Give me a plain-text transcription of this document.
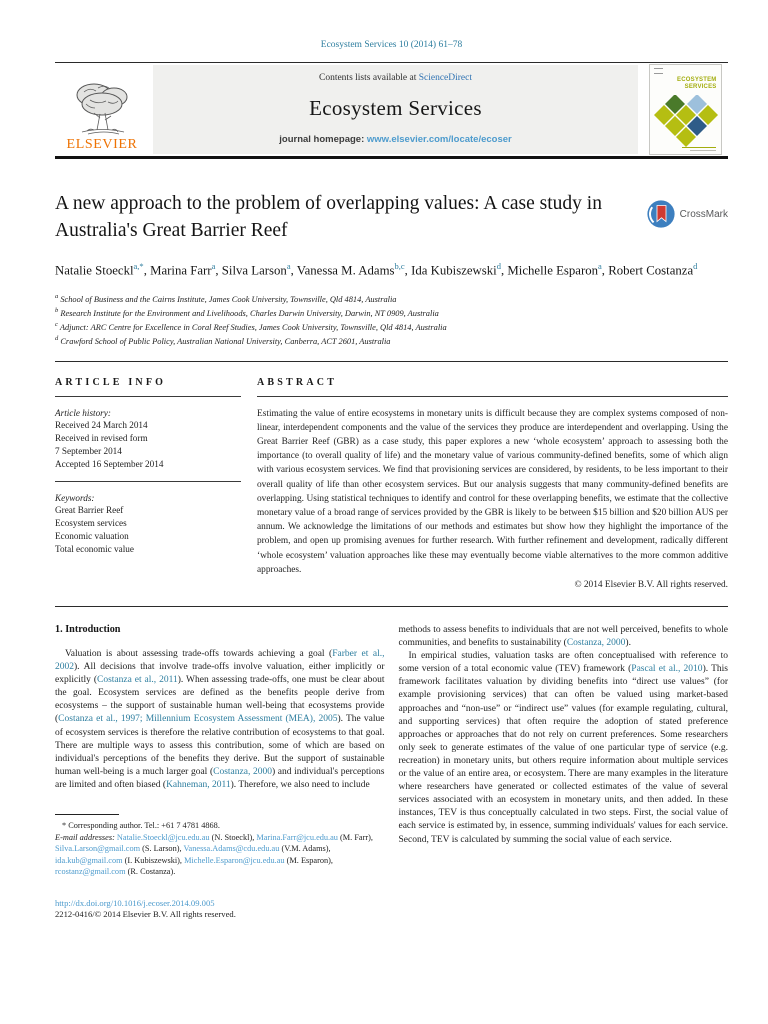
Ecosystem Services 10 (2014) 61–78
ELSEVIER
Contents lists available at ScienceDirect
Ecosystem Services
journal homepage: www.elsevier.com/locate/ecoser
ECOSYSTEM
SERVICES
A new approach to the problem of overlapping values: A case study in Australia's Great Barrier Reef
CrossMark
Natalie Stoeckl$^{a,*}$, Marina Farr$^a$, Silva Larson$^a$, Vanessa M. Adams$^{b,c}$, Ida Kubiszewski$^d$, Michelle Esparon$^a$, Robert Costanza$^d$
$^a$ School of Business and the Cairns Institute, James Cook University, Townsville, Qld 4814, Australia
$^b$ Research Institute for the Environment and Livelihoods, Charles Darwin University, Darwin, NT 0909, Australia
$^c$ Adjunct: ARC Centre for Excellence in Coral Reef Studies, James Cook University, Townsville, Qld 4814, Australia
$^d$ Crawford School of Public Policy, Australian National University, Canberra, ACT 2601, Australia
ARTICLE INFO
Article history:
Received 24 March 2014
Received in revised form
7 September 2014
Accepted 16 September 2014
Keywords:
Great Barrier Reef
Ecosystem services
Economic valuation
Total economic value
ABSTRACT
Estimating the value of entire ecosystems in monetary units is difficult because they are complex systems composed of non-linear, interdependent components and the value of the services they produce are interdependent and overlapping. Using the Great Barrier Reef (GBR) as a case study, this paper explores a new ‘whole ecosystem’ approach to assessing both the importance (to overall quality of life) and the monetary value of various community-defined benefits, some of which align with various ecosystem services. We find that provisioning services are considered, by residents, to be less important to their overall quality of life than other ecosystem services. But our analysis suggests that many community-defined benefits are overlapping. Using statistical techniques to identify and control for these overlapping benefits, we estimate that the collective monetary value of a broad range of services provided by the GBR is likely to be between $15 billion and $20 billion AUS per annum. We acknowledge the limitations of our methods and estimates but show how they highlight the importance of the problem, and open up promising avenues for further research. With further refinement and development, radically different ‘whole ecosystem’ valuation approaches like these may eventually become viable alternatives to the more common additive approaches.
© 2014 Elsevier B.V. All rights reserved.
1. Introduction

Valuation is about assessing trade-offs towards achieving a goal (Farber et al., 2002). All decisions that involve trade-offs involve valuation, either implicitly or explicitly (Costanza et al., 2011). When assessing trade-offs, one must be clear about the goal. Ecosystem services are defined as the benefits people derive from ecosystems – the support of sustainable human well-being that ecosystems provide (Costanza et al., 1997; Millennium Ecosystem Assessment (MEA), 2005). The value of ecosystem services is therefore the relative contribution of ecosystems to that goal. There are multiple ways to assess this contribution, some of which are based on individual's perceptions of the benefits they derive. But the support of sustainable human well-being is a much larger goal (Costanza, 2000) and individual's perceptions are limited and often biased (Kahneman, 2011). Therefore, we also need to include

* Corresponding author. Tel.: +61 7 4781 4868.
E-mail addresses: Natalie.Stoeckl@jcu.edu.au (N. Stoeckl), Marina.Farr@jcu.edu.au (M. Farr), Silva.Larson@gmail.com (S. Larson), Vanessa.Adams@cdu.edu.au (V.M. Adams), ida.kub@gmail.com (I. Kubiszewski), Michelle.Esparon@jcu.edu.au (M. Esparon), rcostanz@gmail.com (R. Costanza).

methods to assess benefits to individuals that are not well perceived, benefits to whole communities, and benefits to sustainability (Costanza, 2000).

In empirical studies, valuation tasks are often conceptualised with reference to some version of a total economic value (TEV) framework (Pascal et al., 2010). This framework facilitates valuation by dividing benefits into “direct use values” (for example provisioning services) that can often be valued using market-based approaches and “non-use” or “indirect use” values (for example regulating, cultural, and supporting services) that often require the adoption of stated preference approaches or approaches that do not rely on current preferences. Some researchers only seek to generate estimates of the value of one particular type of service (e.g. recreation) in monetary units, but others require information about multiple services or the value of an entire area, or ecosystem. There are many examples in the literature where researchers have generated or collected estimates of the value of several services associated with an ecosystem in monetary units, and then added. In these instances, TEV is thus conceptually calculated in two steps. First, the social value of each service is estimated by, in essence, summing individuals' values for each service. Second, TEV is calculated by summing the social value of each service.

http://dx.doi.org/10.1016/j.ecoser.2014.09.005
2212-0416/© 2014 Elsevier B.V. All rights reserved.
